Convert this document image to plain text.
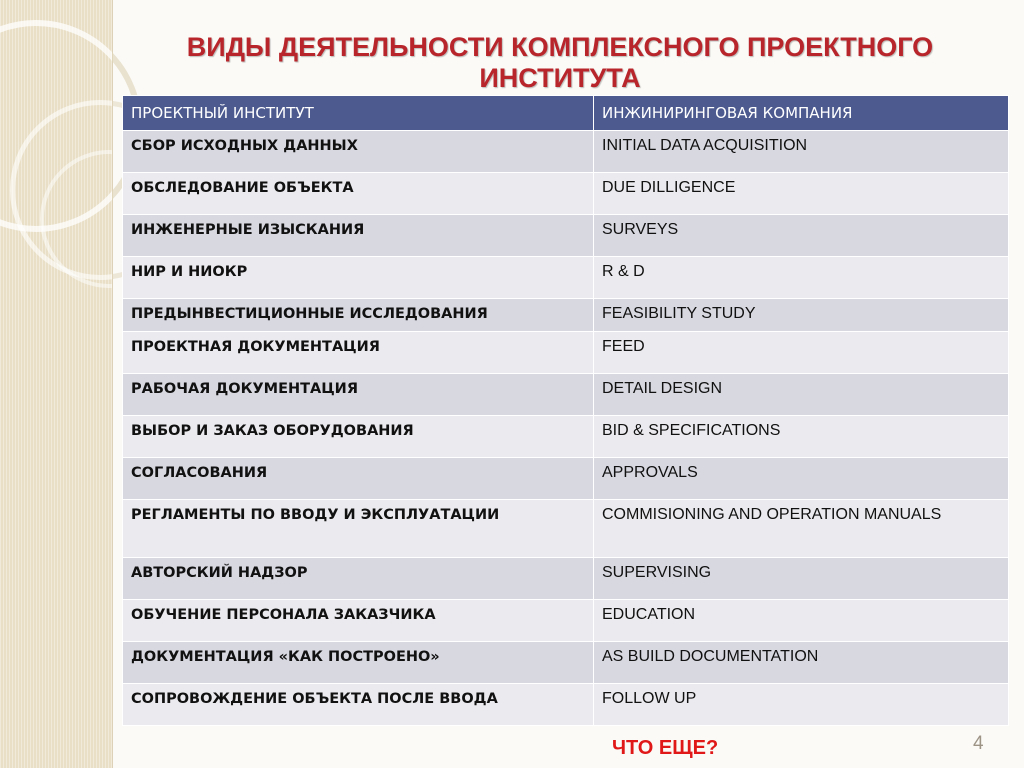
ВИДЫ ДЕЯТЕЛЬНОСТИ КОМПЛЕКСНОГО ПРОЕКТНОГО
ИНСТИТУТА
ПРОЕКТНЫЙ ИНСТИТУТ	ИНЖИНИРИНГОВАЯ КОМПАНИЯ
СБОР ИСХОДНЫХ ДАННЫХ	INITIAL DATA ACQUISITION
ОБСЛЕДОВАНИЕ ОБЪЕКТА	DUE DILLIGENCE
ИНЖЕНЕРНЫЕ ИЗЫСКАНИЯ	SURVEYS
НИР И НИОКР	R & D
ПРЕДЫНВЕСТИЦИОННЫЕ ИССЛЕДОВАНИЯ	FEASIBILITY STUDY
ПРОЕКТНАЯ ДОКУМЕНТАЦИЯ	FEED
РАБОЧАЯ ДОКУМЕНТАЦИЯ	DETAIL DESIGN
ВЫБОР И ЗАКАЗ ОБОРУДОВАНИЯ	BID & SPECIFICATIONS
СОГЛАСОВАНИЯ	APPROVALS
РЕГЛАМЕНТЫ ПО ВВОДУ И ЭКСПЛУАТАЦИИ	COMMISIONING AND OPERATION MANUALS
АВТОРСКИЙ НАДЗОР	SUPERVISING
ОБУЧЕНИЕ ПЕРСОНАЛА ЗАКАЗЧИКА	EDUCATION
ДОКУМЕНТАЦИЯ «КАК ПОСТРОЕНО»	AS BUILD DOCUMENTATION
СОПРОВОЖДЕНИЕ ОБЪЕКТА ПОСЛЕ ВВОДА	FOLLOW UP
ЧТО ЕЩЕ?	4
